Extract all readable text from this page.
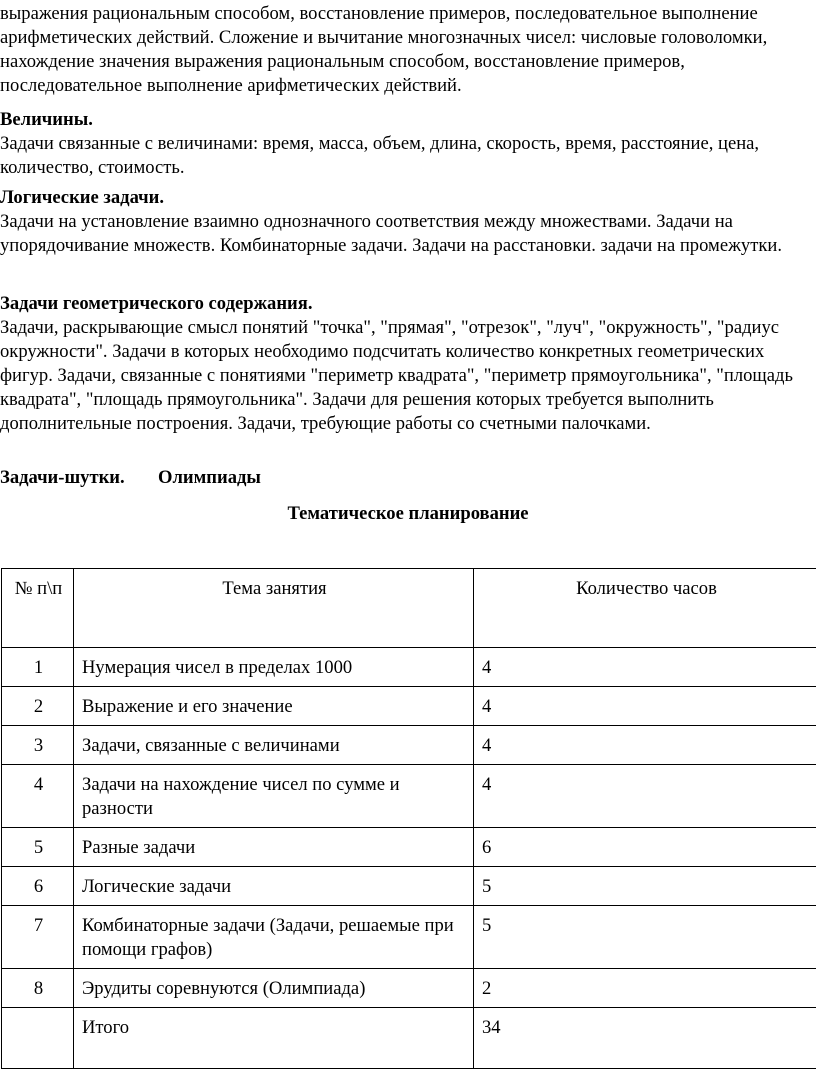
выражения рациональным способом, восстановление примеров, последовательное выполнение арифметических действий. Сложение и вычитание многозначных чисел: числовые головоломки, нахождение значения выражения рациональным способом, восстановление примеров, последовательное выполнение арифметических действий.

Величины.
Задачи связанные с величинами: время, масса, объем, длина, скорость, время, расстояние, цена, количество, стоимость.
Логические задачи.
Задачи на установление взаимно однозначного соответствия между множествами. Задачи на упорядочивание множеств. Комбинаторные задачи. Задачи на расстановки. задачи на промежутки.
Задачи геометрического содержания.
Задачи, раскрывающие смысл понятий "точка", "прямая", "отрезок", "луч", "окружность", "радиус окружности". Задачи в которых необходимо подсчитать количество конкретных геометрических фигур. Задачи, связанные с понятиями "периметр квадрата", "периметр прямоугольника", "площадь квадрата", "площадь прямоугольника". Задачи для решения которых требуется выполнить дополнительные построения. Задачи, требующие работы со счетными палочками.

Задачи-шутки. Олимпиады

Тематическое планирование

№ п\п	Тема занятия	Количество часов
1	Нумерация чисел в пределах 1000	4
2	Выражение и его значение	4
3	Задачи, связанные с величинами	4
4	Задачи на нахождение чисел по сумме и разности	4
5	Разные задачи	6
6	Логические задачи	5
7	Комбинаторные задачи (Задачи, решаемые при помощи графов)	5
8	Эрудиты соревнуются (Олимпиада)	2
	Итого	34
